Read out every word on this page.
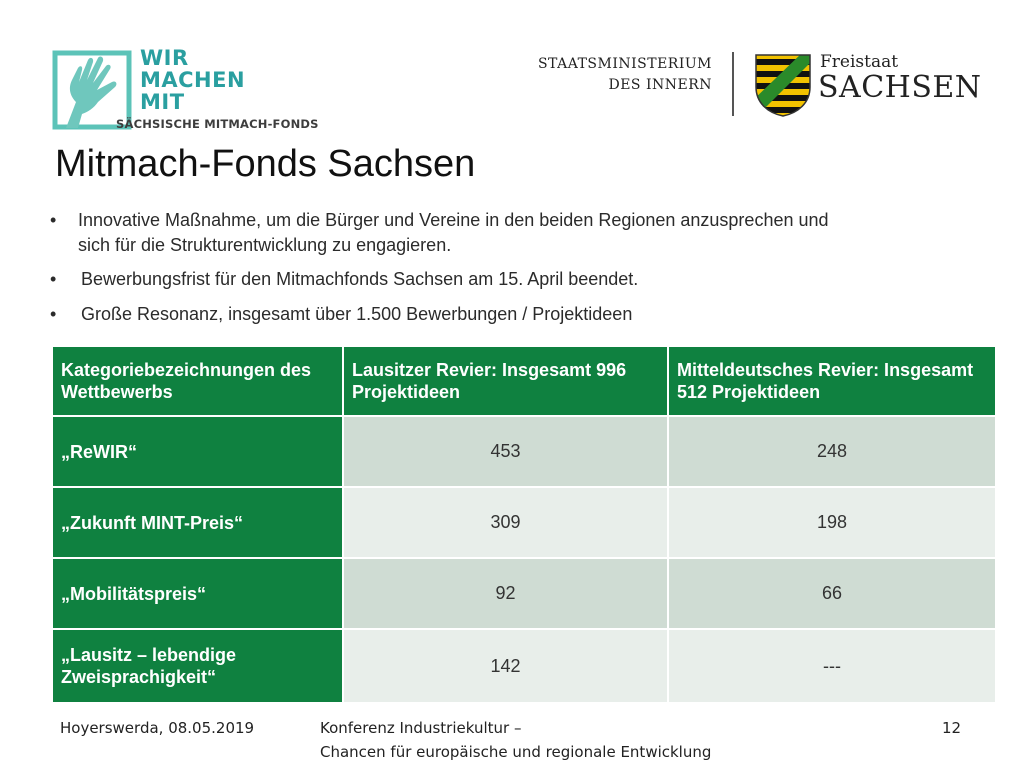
WIR
MACHEN
MIT
SÄCHSISCHE MITMACH-FONDS
STAATSMINISTERIUM
DES INNERN
Freistaat
SACHSEN
Mitmach-Fonds Sachsen
•	Innovative Maßnahme, um die Bürger und Vereine in den beiden Regionen anzusprechen und sich für die Strukturentwicklung zu engagieren.
•	Bewerbungsfrist für den Mitmachfonds Sachsen am 15. April beendet.
•	Große Resonanz, insgesamt über 1.500 Bewerbungen / Projektideen
Kategoriebezeichnungen des Wettbewerbs	Lausitzer Revier: Insgesamt 996 Projektideen	Mitteldeutsches Revier: Insgesamt 512 Projektideen
„ReWIR“	453	248
„Zukunft MINT-Preis“	309	198
„Mobilitätspreis“	92	66
„Lausitz – lebendige Zweisprachigkeit“	142	---
Hoyerswerda, 08.05.2019	Konferenz Industriekultur –
Chancen für europäische und regionale Entwicklung
12
